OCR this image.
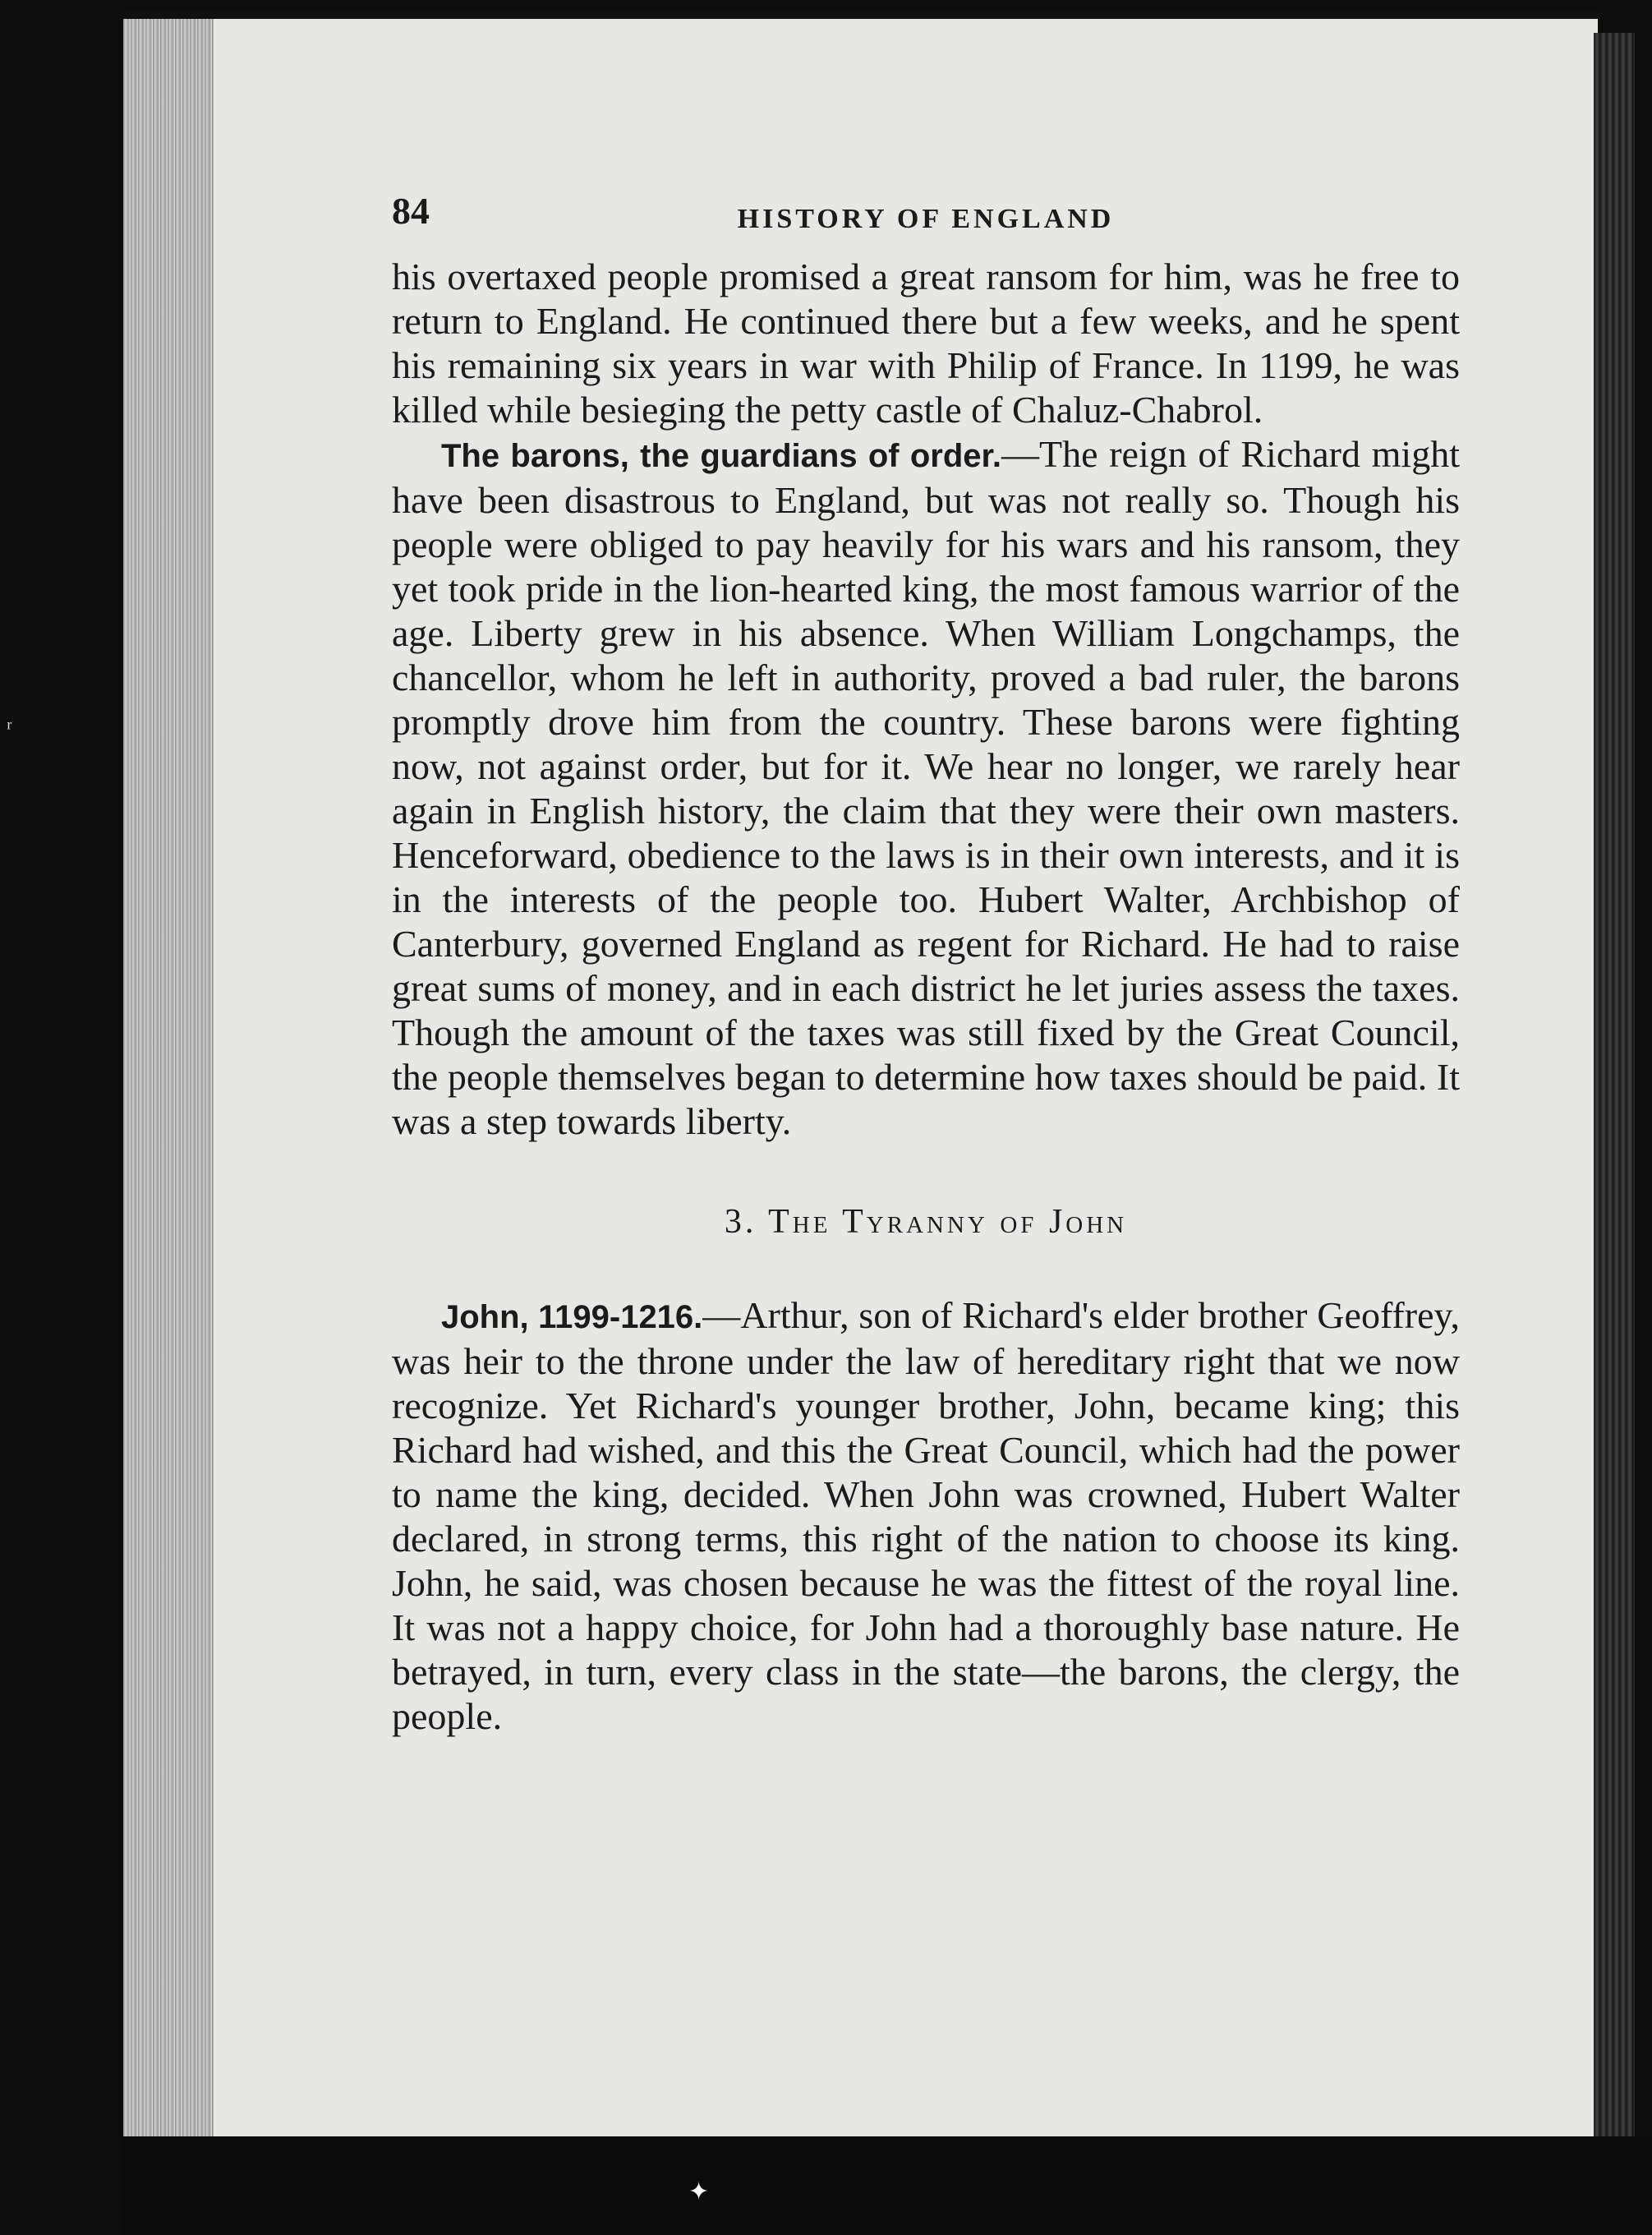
84	HISTORY OF ENGLAND

his overtaxed people promised a great ransom for him, was he free to return to England. He continued there but a few weeks, and he spent his remaining six years in war with Philip of France. In 1199, he was killed while besieging the petty castle of Chaluz-Chabrol.

The barons, the guardians of order.—The reign of Richard might have been disastrous to England, but was not really so. Though his people were obliged to pay heavily for his wars and his ransom, they yet took pride in the lion-hearted king, the most famous warrior of the age. Liberty grew in his absence. When William Longchamps, the chancellor, whom he left in authority, proved a bad ruler, the barons promptly drove him from the country. These barons were fighting now, not against order, but for it. We hear no longer, we rarely hear again in English history, the claim that they were their own masters. Henceforward, obedience to the laws is in their own interests, and it is in the interests of the people too. Hubert Walter, Archbishop of Canterbury, governed England as regent for Richard. He had to raise great sums of money, and in each district he let juries assess the taxes. Though the amount of the taxes was still fixed by the Great Council, the people themselves began to determine how taxes should be paid. It was a step towards liberty.

3. The Tyranny of John

John, 1199-1216.—Arthur, son of Richard's elder brother Geoffrey, was heir to the throne under the law of hereditary right that we now recognize. Yet Richard's younger brother, John, became king; this Richard had wished, and this the Great Council, which had the power to name the king, decided. When John was crowned, Hubert Walter declared, in strong terms, this right of the nation to choose its king. John, he said, was chosen because he was the fittest of the royal line. It was not a happy choice, for John had a thoroughly base nature. He betrayed, in turn, every class in the state—the barons, the clergy, the people.

ʳ
✦
